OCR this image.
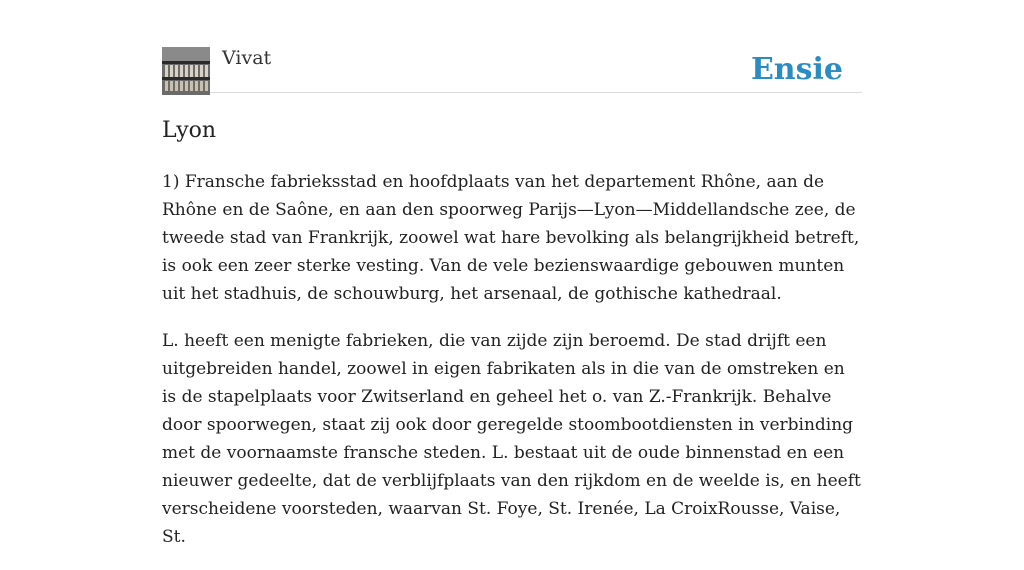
Vivat	Ensie
Lyon

1) Fransche fabrieksstad en hoofdplaats van het departement Rhône, aan de Rhône en de Saône, en aan den spoorweg Parijs—Lyon—Middellandsche zee, de tweede stad van Frankrijk, zoowel wat hare bevolking als belangrijkheid betreft, is ook een zeer sterke vesting. Van de vele bezienswaardige gebouwen munten uit het stadhuis, de schouwburg, het arsenaal, de gothische kathedraal.

L. heeft een menigte fabrieken, die van zijde zijn beroemd. De stad drijft een uitgebreiden handel, zoowel in eigen fabrikaten als in die van de omstreken en is de stapelplaats voor Zwitserland en geheel het o. van Z.-Frankrijk. Behalve door spoorwegen, staat zij ook door geregelde stoombootdiensten in verbinding met de voornaamste fransche steden. L. bestaat uit de oude binnenstad en een nieuwer gedeelte, dat de verblijfplaats van den rijkdom en de weelde is, en heeft verscheidene voorsteden, waarvan St. Foye, St. Irenée, La CroixRousse, Vaise, St.
